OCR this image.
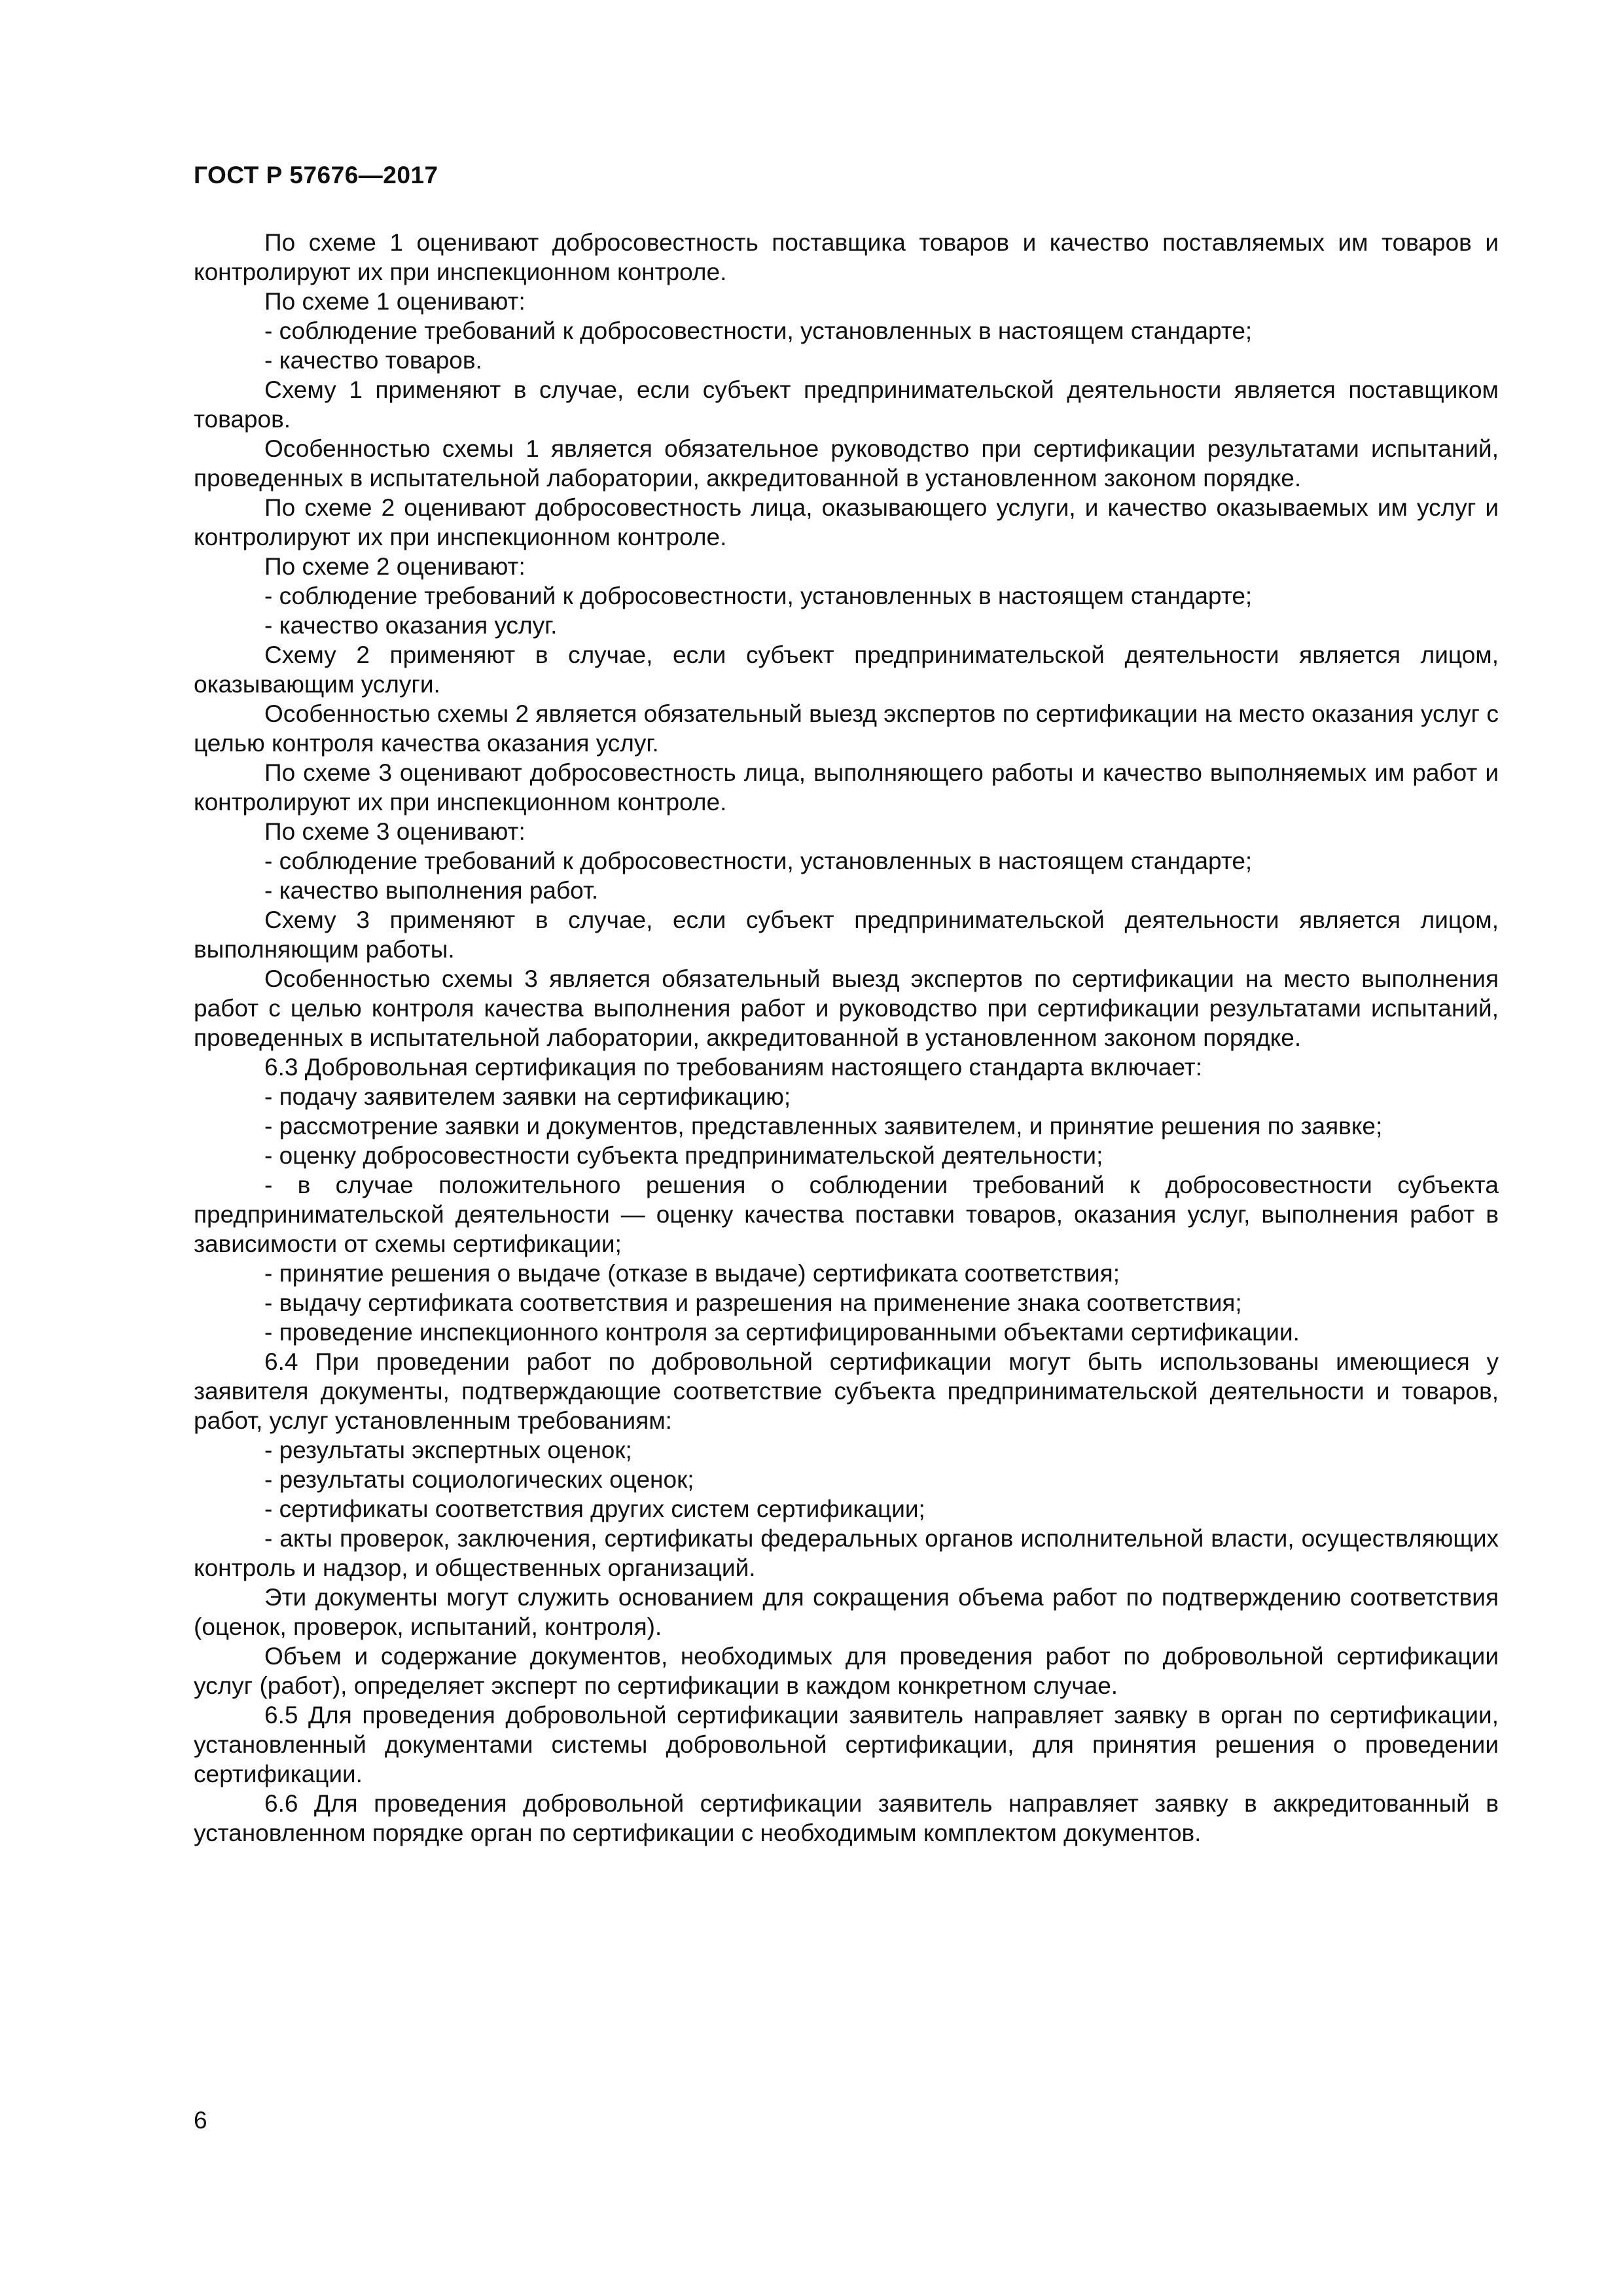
ГОСТ Р 57676—2017

По схеме 1 оценивают добросовестность поставщика товаров и качество поставляемых им товаров и контролируют их при инспекционном контроле.

По схеме 1 оценивают:

- соблюдение требований к добросовестности, установленных в настоящем стандарте;

- качество товаров.

Схему 1 применяют в случае, если субъект предпринимательской деятельности является поставщиком товаров.

Особенностью схемы 1 является обязательное руководство при сертификации результатами испытаний, проведенных в испытательной лаборатории, аккредитованной в установленном законом порядке.

По схеме 2 оценивают добросовестность лица, оказывающего услуги, и качество оказываемых им услуг и контролируют их при инспекционном контроле.

По схеме 2 оценивают:

- соблюдение требований к добросовестности, установленных в настоящем стандарте;

- качество оказания услуг.

Схему 2 применяют в случае, если субъект предпринимательской деятельности является лицом, оказывающим услуги.

Особенностью схемы 2 является обязательный выезд экспертов по сертификации на место оказания услуг с целью контроля качества оказания услуг.

По схеме 3 оценивают добросовестность лица, выполняющего работы и качество выполняемых им работ и контролируют их при инспекционном контроле.

По схеме 3 оценивают:

- соблюдение требований к добросовестности, установленных в настоящем стандарте;

- качество выполнения работ.

Схему 3 применяют в случае, если субъект предпринимательской деятельности является лицом, выполняющим работы.

Особенностью схемы 3 является обязательный выезд экспертов по сертификации на место выполнения работ с целью контроля качества выполнения работ и руководство при сертификации результатами испытаний, проведенных в испытательной лаборатории, аккредитованной в установленном законом порядке.

6.3 Добровольная сертификация по требованиям настоящего стандарта включает:

- подачу заявителем заявки на сертификацию;

- рассмотрение заявки и документов, представленных заявителем, и принятие решения по заявке;

- оценку добросовестности субъекта предпринимательской деятельности;

- в случае положительного решения о соблюдении требований к добросовестности субъекта предпринимательской деятельности — оценку качества поставки товаров, оказания услуг, выполнения работ в зависимости от схемы сертификации;

- принятие решения о выдаче (отказе в выдаче) сертификата соответствия;

- выдачу сертификата соответствия и разрешения на применение знака соответствия;

- проведение инспекционного контроля за сертифицированными объектами сертификации.

6.4 При проведении работ по добровольной сертификации могут быть использованы имеющиеся у заявителя документы, подтверждающие соответствие субъекта предпринимательской деятельности и товаров, работ, услуг установленным требованиям:

- результаты экспертных оценок;

- результаты социологических оценок;

- сертификаты соответствия других систем сертификации;

- акты проверок, заключения, сертификаты федеральных органов исполнительной власти, осуществляющих контроль и надзор, и общественных организаций.

Эти документы могут служить основанием для сокращения объема работ по подтверждению соответствия (оценок, проверок, испытаний, контроля).

Объем и содержание документов, необходимых для проведения работ по добровольной сертификации услуг (работ), определяет эксперт по сертификации в каждом конкретном случае.

6.5 Для проведения добровольной сертификации заявитель направляет заявку в орган по сертификации, установленный документами системы добровольной сертификации, для принятия решения о проведении сертификации.

6.6 Для проведения добровольной сертификации заявитель направляет заявку в аккредитованный в установленном порядке орган по сертификации с необходимым комплектом документов.

6
